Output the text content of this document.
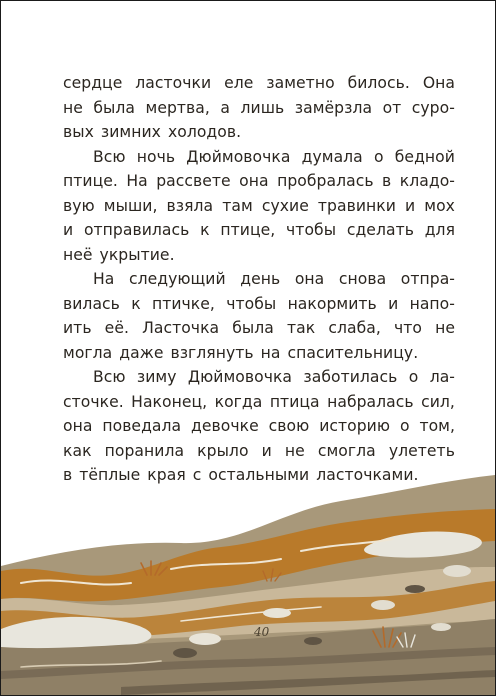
сердце ласточки еле заметно билось. Она
не была мертва, а лишь замёрзла от суро-
вых зимних холодов.
Всю ночь Дюймовочка думала о бедной
птице. На рассвете она пробралась в кладо-
вую мыши, взяла там сухие травинки и мох
и отправилась к птице, чтобы сделать для
неё укрытие.
На следующий день она снова отпра-
вилась к птичке, чтобы накормить и напо-
ить её. Ласточка была так слаба, что не
могла даже взглянуть на спасительницу.
Всю зиму Дюймовочка заботилась о ла-
сточке. Наконец, когда птица набралась сил,
она поведала девочке свою историю о том,
как поранила крыло и не смогла улететь
в тёплые края с остальными ласточками.
40
